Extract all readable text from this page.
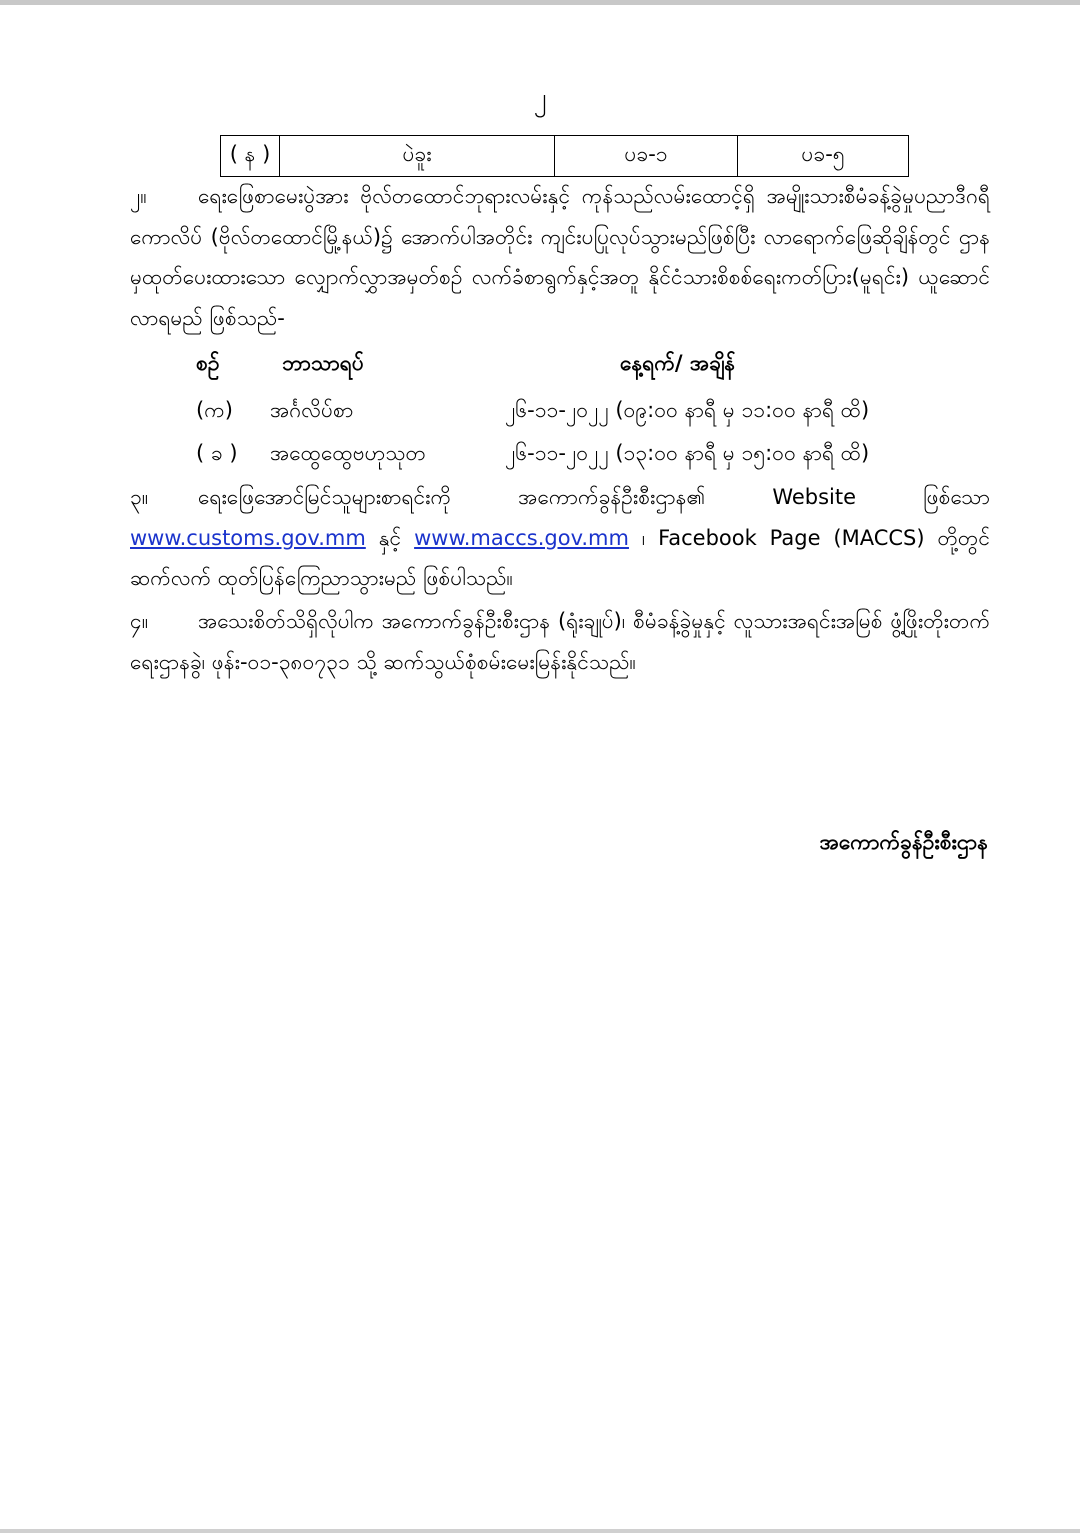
၂
( န )	ပဲခူး	ပခ-၁	ပခ-၅
၂။ ရေးဖြေစာမေးပွဲအား ဗိုလ်တထောင်ဘုရားလမ်းနှင့် ကုန်သည်လမ်းထောင့်ရှိ အမျိုးသားစီမံခန့်ခွဲမှုပညာဒီဂရီကောလိပ် (ဗိုလ်တထောင်မြို့နယ်)၌ အောက်ပါအတိုင်း ကျင်းပပြုလုပ်သွားမည်ဖြစ်ပြီး လာရောက်ဖြေဆိုချိန်တွင် ဌာနမှထုတ်ပေးထားသော လျှောက်လွှာအမှတ်စဉ် လက်ခံစာရွက်နှင့်အတူ နိုင်ငံသားစိစစ်ရေးကတ်ပြား(မူရင်း) ယူဆောင်လာရမည် ဖြစ်သည်-
စဉ်	ဘာသာရပ်	နေ့ရက်/ အချိန်
(က) အင်္ဂလိပ်စာ	၂၆-၁၁-၂၀၂၂ (၀၉:၀၀ နာရီ မှ ၁၁:၀၀ နာရီ ထိ)
( ခ ) အထွေထွေဗဟုသုတ	၂၆-၁၁-၂၀၂၂ (၁၃:၀၀ နာရီ မှ ၁၅:၀၀ နာရီ ထိ)
၃။ ရေးဖြေအောင်မြင်သူများစာရင်းကို အကောက်ခွန်ဦးစီးဌာန၏ Website ဖြစ်သော www.customs.gov.mm နှင့် www.maccs.gov.mm ၊ Facebook Page (MACCS) တို့တွင် ဆက်လက် ထုတ်ပြန်ကြေညာသွားမည် ဖြစ်ပါသည်။
၄။ အသေးစိတ်သိရှိလိုပါက အကောက်ခွန်ဦးစီးဌာန (ရုံးချုပ်)၊ စီမံခန့်ခွဲမှုနှင့် လူသားအရင်းအမြစ် ဖွံ့ဖြိုးတိုးတက်ရေးဌာနခွဲ၊ ဖုန်း-၀၁-၃၈၀၇၃၁ သို့ ဆက်သွယ်စုံစမ်းမေးမြန်းနိုင်သည်။
အကောက်ခွန်ဦးစီးဌာန
